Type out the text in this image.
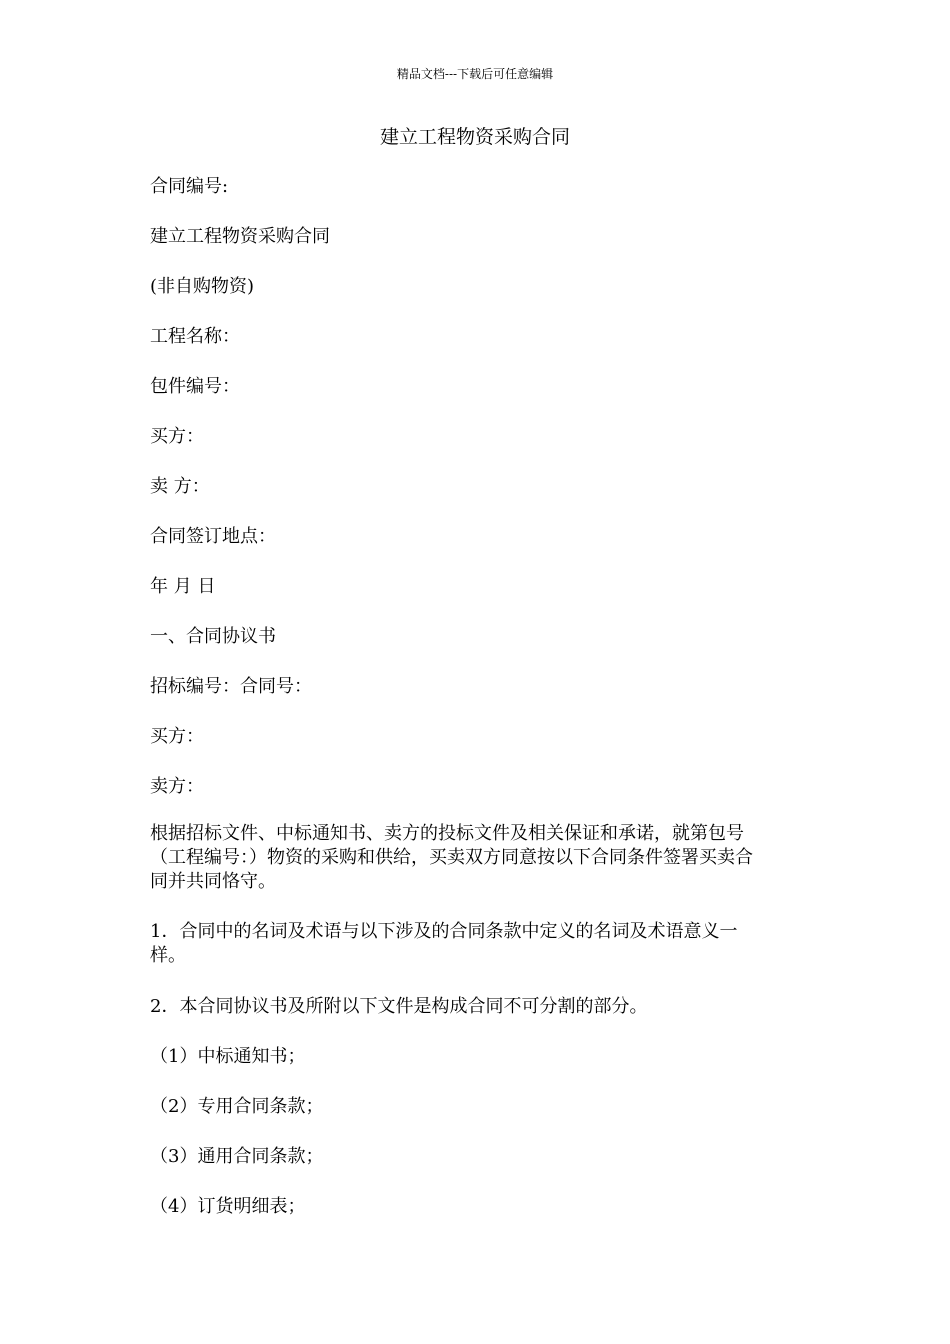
精品文档---下载后可任意编辑
建立工程物资采购合同
合同编号:
建立工程物资采购合同
(非自购物资)
工程名称：
包件编号：
买方：
卖 方：
合同签订地点：
年 月 日
一、合同协议书
招标编号：合同号：
买方：
卖方：
根据招标文件、中标通知书、卖方的投标文件及相关保证和承诺，就第包号
（工程编号：）物资的采购和供给，买卖双方同意按以下合同条件签署买卖合
同并共同恪守。
1．合同中的名词及术语与以下涉及的合同条款中定义的名词及术语意义一
样。
2．本合同协议书及所附以下文件是构成合同不可分割的部分。
（1）中标通知书；
（2）专用合同条款；
（3）通用合同条款；
（4）订货明细表；
